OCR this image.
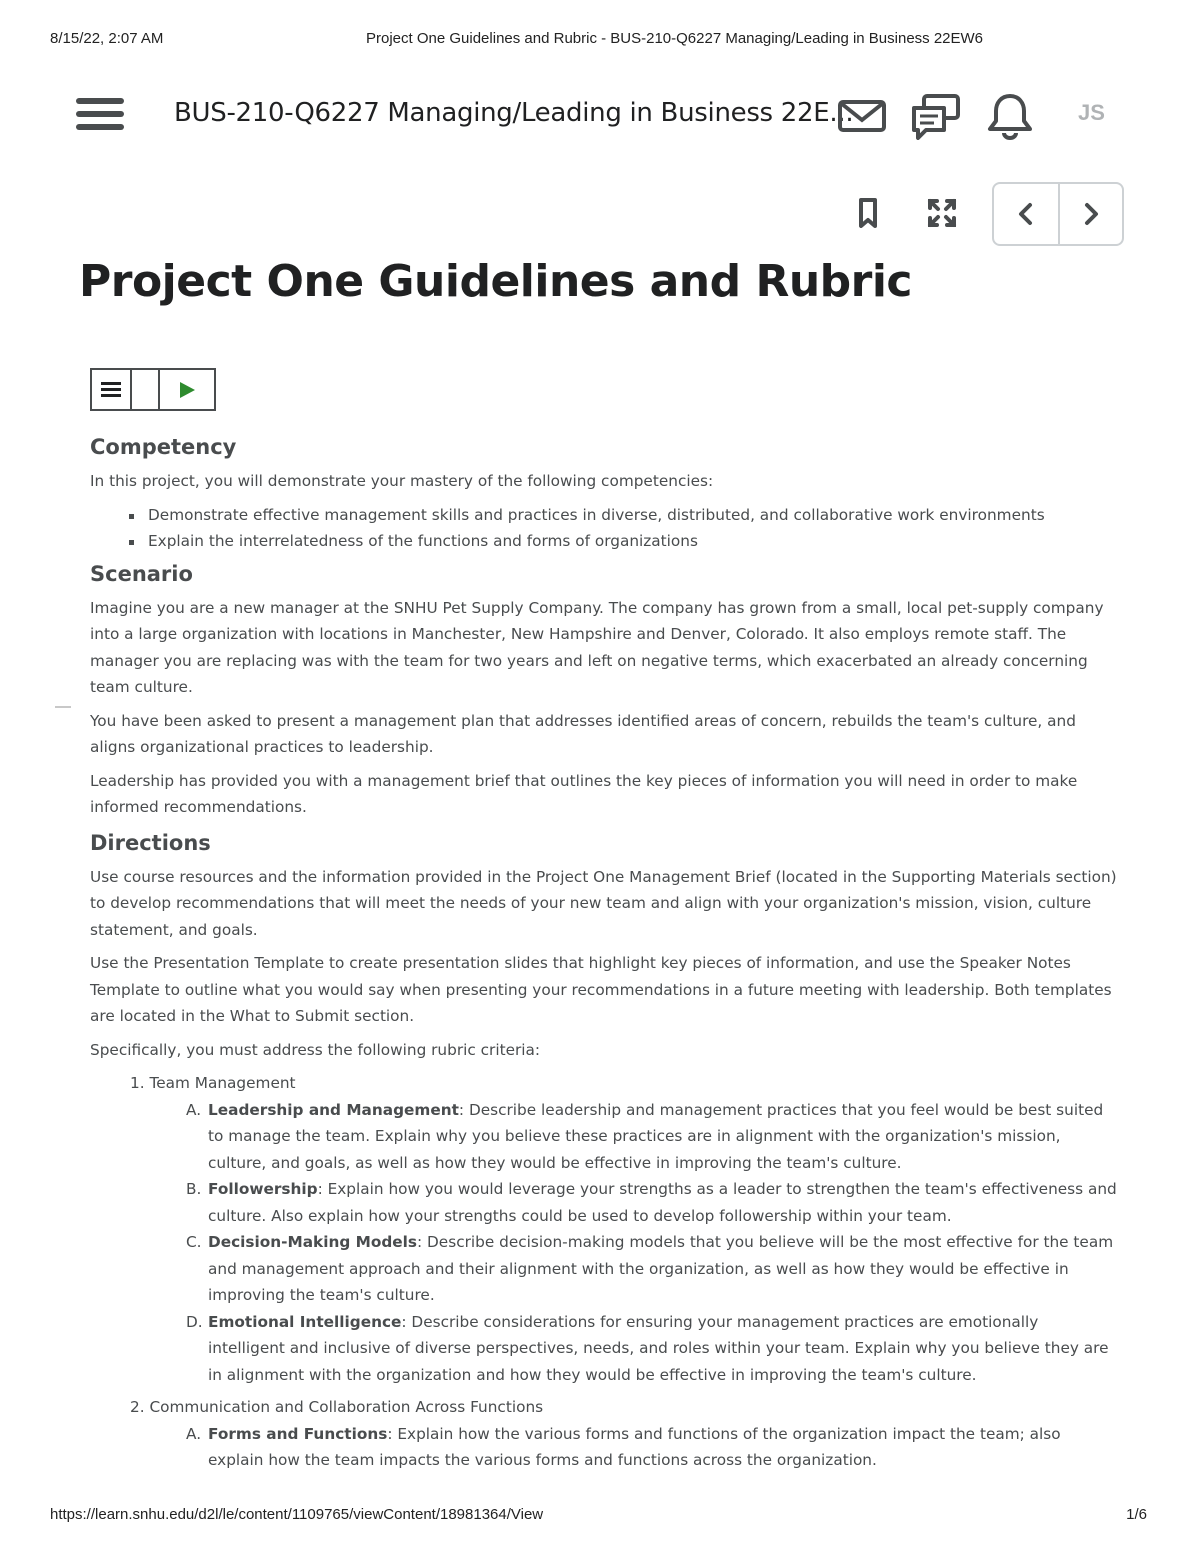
8/15/22, 2:07 AM	Project One Guidelines and Rubric - BUS-210-Q6227 Managing/Leading in Business 22EW6
BUS-210-Q6227 Managing/Leading in Business 22E...	JS
Project One Guidelines and Rubric
Competency

In this project, you will demonstrate your mastery of the following competencies:

Demonstrate effective management skills and practices in diverse, distributed, and collaborative work environments
Explain the interrelatedness of the functions and forms of organizations
Scenario

Imagine you are a new manager at the SNHU Pet Supply Company. The company has grown from a small, local pet-supply company into a large organization with locations in Manchester, New Hampshire and Denver, Colorado. It also employs remote staff. The manager you are replacing was with the team for two years and left on negative terms, which exacerbated an already concerning team culture.

You have been asked to present a management plan that addresses identified areas of concern, rebuilds the team's culture, and aligns organizational practices to leadership.

Leadership has provided you with a management brief that outlines the key pieces of information you will need in order to make informed recommendations.

Directions

Use course resources and the information provided in the Project One Management Brief (located in the Supporting Materials section) to develop recommendations that will meet the needs of your new team and align with your organization's mission, vision, culture statement, and goals.

Use the Presentation Template to create presentation slides that highlight key pieces of information, and use the Speaker Notes Template to outline what you would say when presenting your recommendations in a future meeting with leadership. Both templates are located in the What to Submit section.

Specifically, you must address the following rubric criteria:

1. Team Management
A. Leadership and Management: Describe leadership and management practices that you feel would be best suited to manage the team. Explain why you believe these practices are in alignment with the organization's mission, culture, and goals, as well as how they would be effective in improving the team's culture.
B. Followership: Explain how you would leverage your strengths as a leader to strengthen the team's effectiveness and culture. Also explain how your strengths could be used to develop followership within your team.
C. Decision-Making Models: Describe decision-making models that you believe will be the most effective for the team and management approach and their alignment with the organization, as well as how they would be effective in improving the team's culture.
D. Emotional Intelligence: Describe considerations for ensuring your management practices are emotionally intelligent and inclusive of diverse perspectives, needs, and roles within your team. Explain why you believe they are in alignment with the organization and how they would be effective in improving the team's culture.
2. Communication and Collaboration Across Functions
A. Forms and Functions: Explain how the various forms and functions of the organization impact the team; also explain how the team impacts the various forms and functions across the organization.
https://learn.snhu.edu/d2l/le/content/1109765/viewContent/18981364/View	1/6
